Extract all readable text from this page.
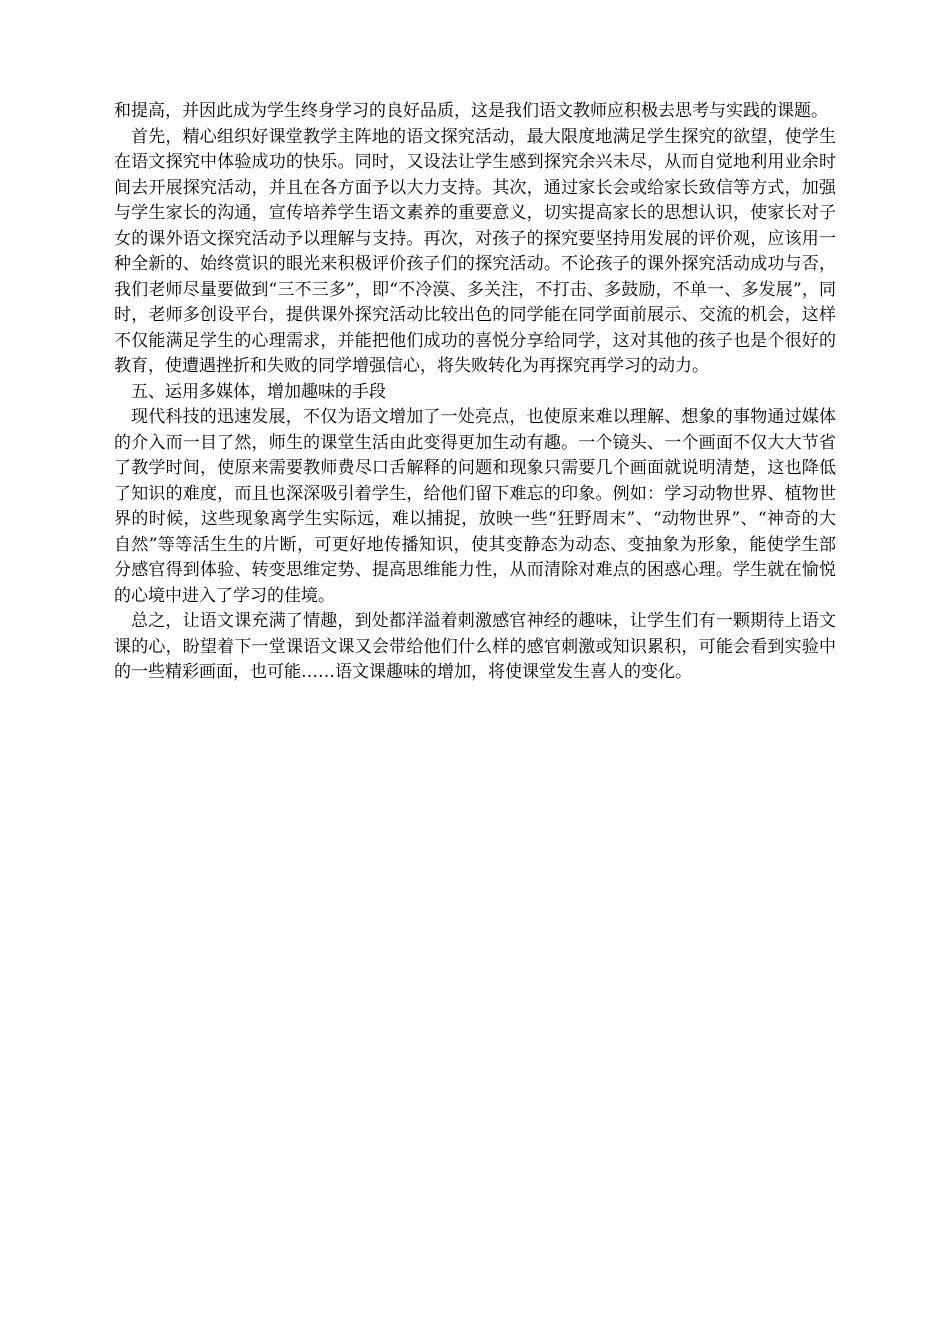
和提高，并因此成为学生终身学习的良好品质，这是我们语文教师应积极去思考与实践的课题。

首先，精心组织好课堂教学主阵地的语文探究活动，最大限度地满足学生探究的欲望，使学生在语文探究中体验成功的快乐。同时，又设法让学生感到探究余兴未尽，从而自觉地利用业余时间去开展探究活动，并且在各方面予以大力支持。其次，通过家长会或给家长致信等方式，加强与学生家长的沟通，宣传培养学生语文素养的重要意义，切实提高家长的思想认识，使家长对子女的课外语文探究活动予以理解与支持。再次，对孩子的探究要坚持用发展的评价观，应该用一种全新的、始终赏识的眼光来积极评价孩子们的探究活动。不论孩子的课外探究活动成功与否，我们老师尽量要做到“三不三多”，即“不冷漠、多关注，不打击、多鼓励，不单一、多发展”，同时，老师多创设平台，提供课外探究活动比较出色的同学能在同学面前展示、交流的机会，这样不仅能满足学生的心理需求，并能把他们成功的喜悦分享给同学，这对其他的孩子也是个很好的教育，使遭遇挫折和失败的同学增强信心，将失败转化为再探究再学习的动力。

五、运用多媒体，增加趣味的手段

现代科技的迅速发展，不仅为语文增加了一处亮点，也使原来难以理解、想象的事物通过媒体的介入而一目了然，师生的课堂生活由此变得更加生动有趣。一个镜头、一个画面不仅大大节省了教学时间，使原来需要教师费尽口舌解释的问题和现象只需要几个画面就说明清楚，这也降低了知识的难度，而且也深深吸引着学生，给他们留下难忘的印象。例如：学习动物世界、植物世界的时候，这些现象离学生实际远，难以捕捉，放映一些“狂野周末”、“动物世界”、“神奇的大自然”等等活生生的片断，可更好地传播知识，使其变静态为动态、变抽象为形象，能使学生部分感官得到体验、转变思维定势、提高思维能力性，从而清除对难点的困惑心理。学生就在愉悦的心境中进入了学习的佳境。

总之，让语文课充满了情趣，到处都洋溢着刺激感官神经的趣味，让学生们有一颗期待上语文课的心，盼望着下一堂课语文课又会带给他们什么样的感官刺激或知识累积，可能会看到实验中的一些精彩画面，也可能……语文课趣味的增加，将使课堂发生喜人的变化。
